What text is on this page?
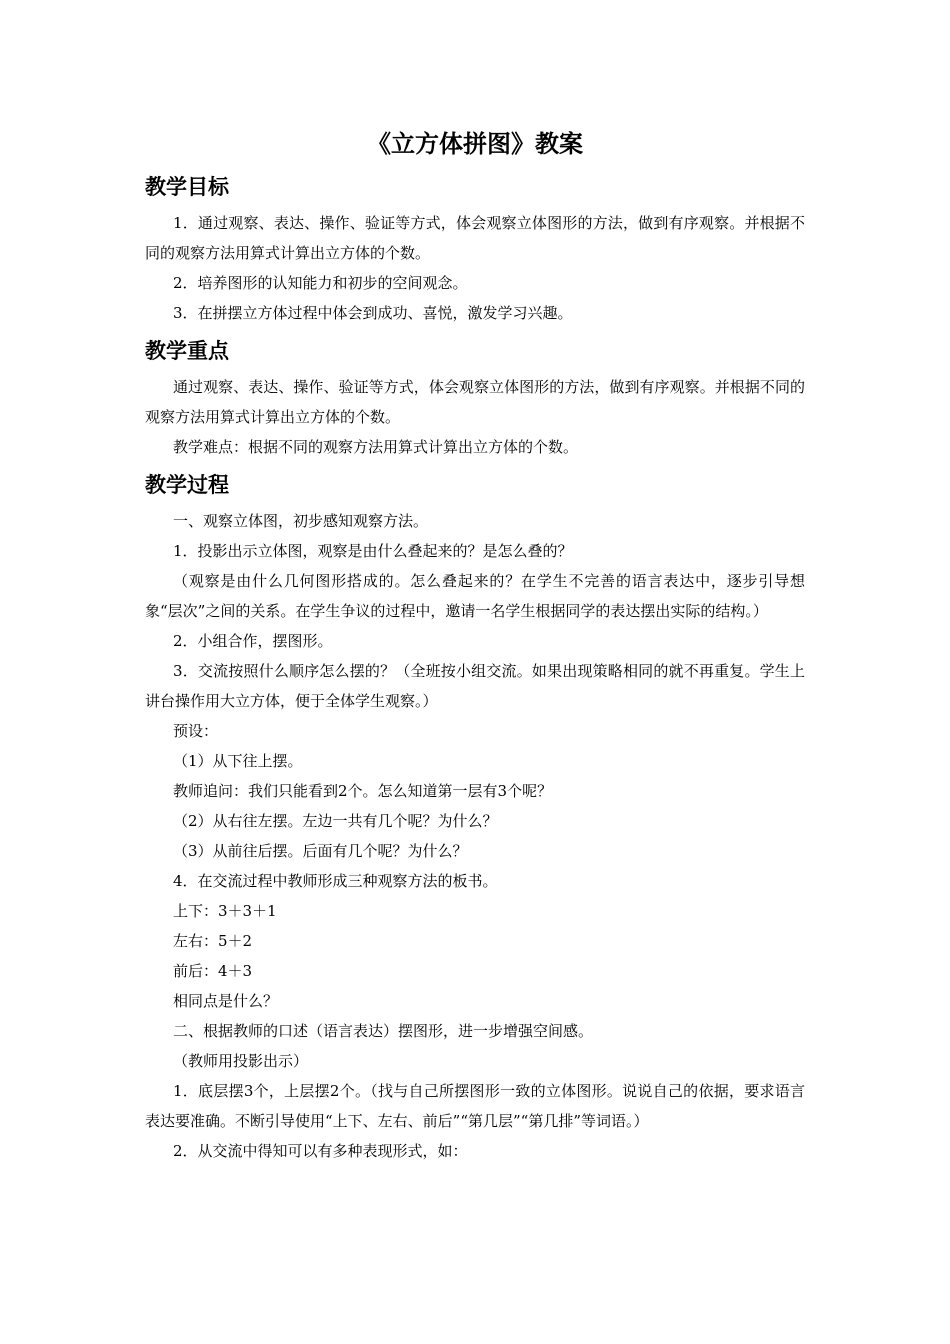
《立方体拼图》教案
教学目标

1．通过观察、表达、操作、验证等方式，体会观察立体图形的方法，做到有序观察。并根据不同的观察方法用算式计算出立方体的个数。

2．培养图形的认知能力和初步的空间观念。

3．在拼摆立方体过程中体会到成功、喜悦，激发学习兴趣。

教学重点

通过观察、表达、操作、验证等方式，体会观察立体图形的方法，做到有序观察。并根据不同的观察方法用算式计算出立方体的个数。

教学难点：根据不同的观察方法用算式计算出立方体的个数。

教学过程

一、观察立体图，初步感知观察方法。

1．投影出示立体图，观察是由什么叠起来的？是怎么叠的？

（观察是由什么几何图形搭成的。怎么叠起来的？在学生不完善的语言表达中，逐步引导想象“层次”之间的关系。在学生争议的过程中，邀请一名学生根据同学的表达摆出实际的结构。）

2．小组合作，摆图形。

3．交流按照什么顺序怎么摆的？（全班按小组交流。如果出现策略相同的就不再重复。学生上讲台操作用大立方体，便于全体学生观察。）

预设：

（1）从下往上摆。

教师追问：我们只能看到2个。怎么知道第一层有3个呢？

（2）从右往左摆。左边一共有几个呢？为什么？

（3）从前往后摆。后面有几个呢？为什么？

4．在交流过程中教师形成三种观察方法的板书。

上下：3＋3＋1

左右：5＋2

前后：4＋3

相同点是什么？

二、根据教师的口述（语言表达）摆图形，进一步增强空间感。

（教师用投影出示）

1．底层摆3个，上层摆2个。（找与自己所摆图形一致的立体图形。说说自己的依据，要求语言表达要准确。不断引导使用“上下、左右、前后”“第几层”“第几排”等词语。）

2．从交流中得知可以有多种表现形式，如：
